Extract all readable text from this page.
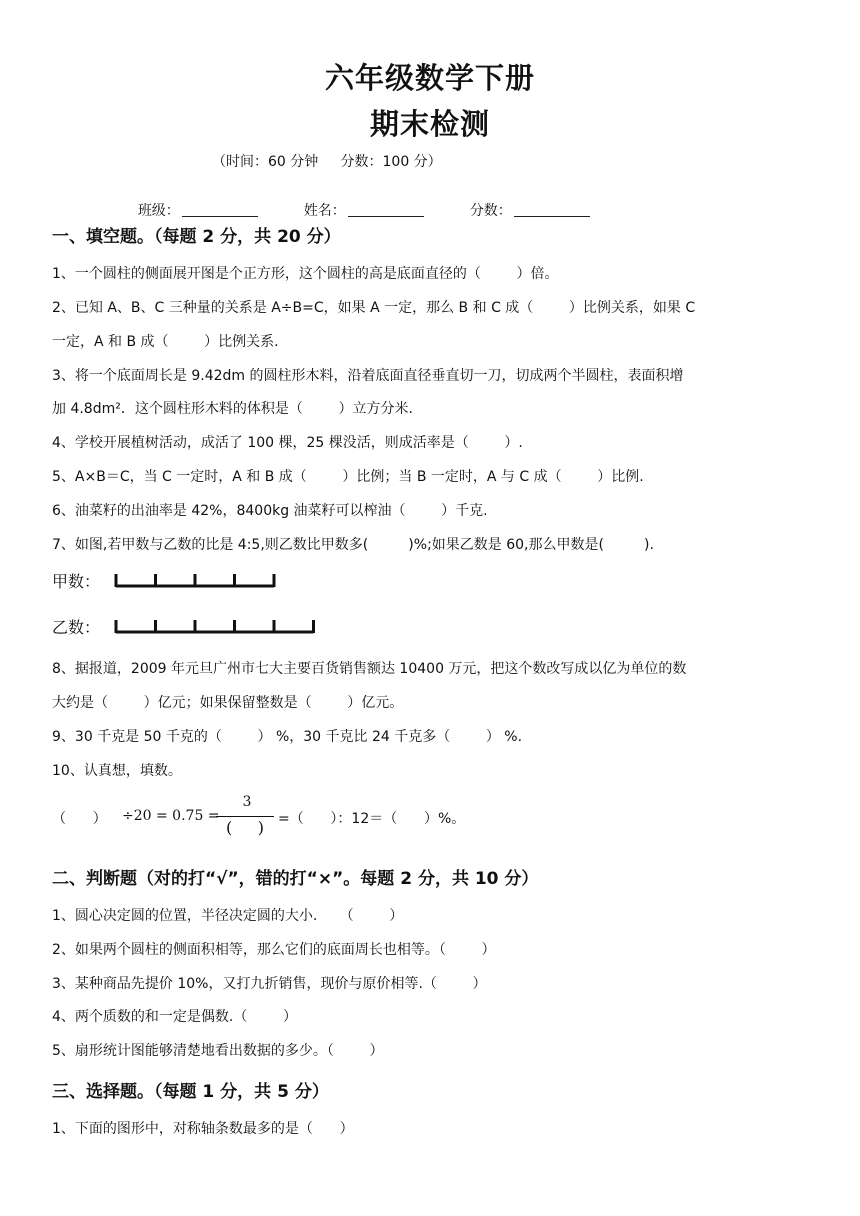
六年级数学下册
期末检测
（时间：60 分钟     分数：100 分）

班级：
	姓名：
	分数：

一、填空题。（每题 2 分，共 20 分）
1、一个圆柱的侧面展开图是个正方形，这个圆柱的高是底面直径的（        ）倍。
2、已知 A、B、C 三种量的关系是 A÷B=C，如果 A 一定，那么 B 和 C 成（        ）比例关系，如果 C
一定，A 和 B 成（        ）比例关系.
3、将一个底面周长是 9.42dm 的圆柱形木料，沿着底面直径垂直切一刀，切成两个半圆柱，表面积增
加 4.8dm²．这个圆柱形木料的体积是（        ）立方分米.
4、学校开展植树活动，成活了 100 棵，25 棵没活，则成活率是（        ）.
5、A×B＝C，当 C 一定时，A 和 B 成（        ）比例；当 B 一定时，A 与 C 成（        ）比例.
6、油菜籽的出油率是 42%，8400kg 油菜籽可以榨油（        ）千克.
7、如图,若甲数与乙数的比是 4:5,则乙数比甲数多(         )%;如果乙数是 60,那么甲数是(         ).
甲数：
乙数：
8、据报道，2009 年元旦广州市七大主要百货销售额达 10400 万元，把这个数改写成以亿为单位的数
大约是（        ）亿元；如果保留整数是（        ）亿元。
9、30 千克是 50 千克的（        ） %，30 千克比 24 千克多（        ） %.
10、认真想，填数。
（      ） ÷20 = 0.75 =
3
(     )	=（      ）：12＝（      ）%。
二、判断题（对的打“√”，错的打“×”。每题 2 分，共 10 分）
1、圆心决定圆的位置，半径决定圆的大小.     （        ）
2、如果两个圆柱的侧面积相等，那么它们的底面周长也相等。（        ）
3、某种商品先提价 10%，又打九折销售，现价与原价相等.（        ）
4、两个质数的和一定是偶数.（        ）
5、扇形统计图能够清楚地看出数据的多少。（        ）
三、选择题。（每题 1 分，共 5 分）
1、下面的图形中，对称轴条数最多的是（      ）
